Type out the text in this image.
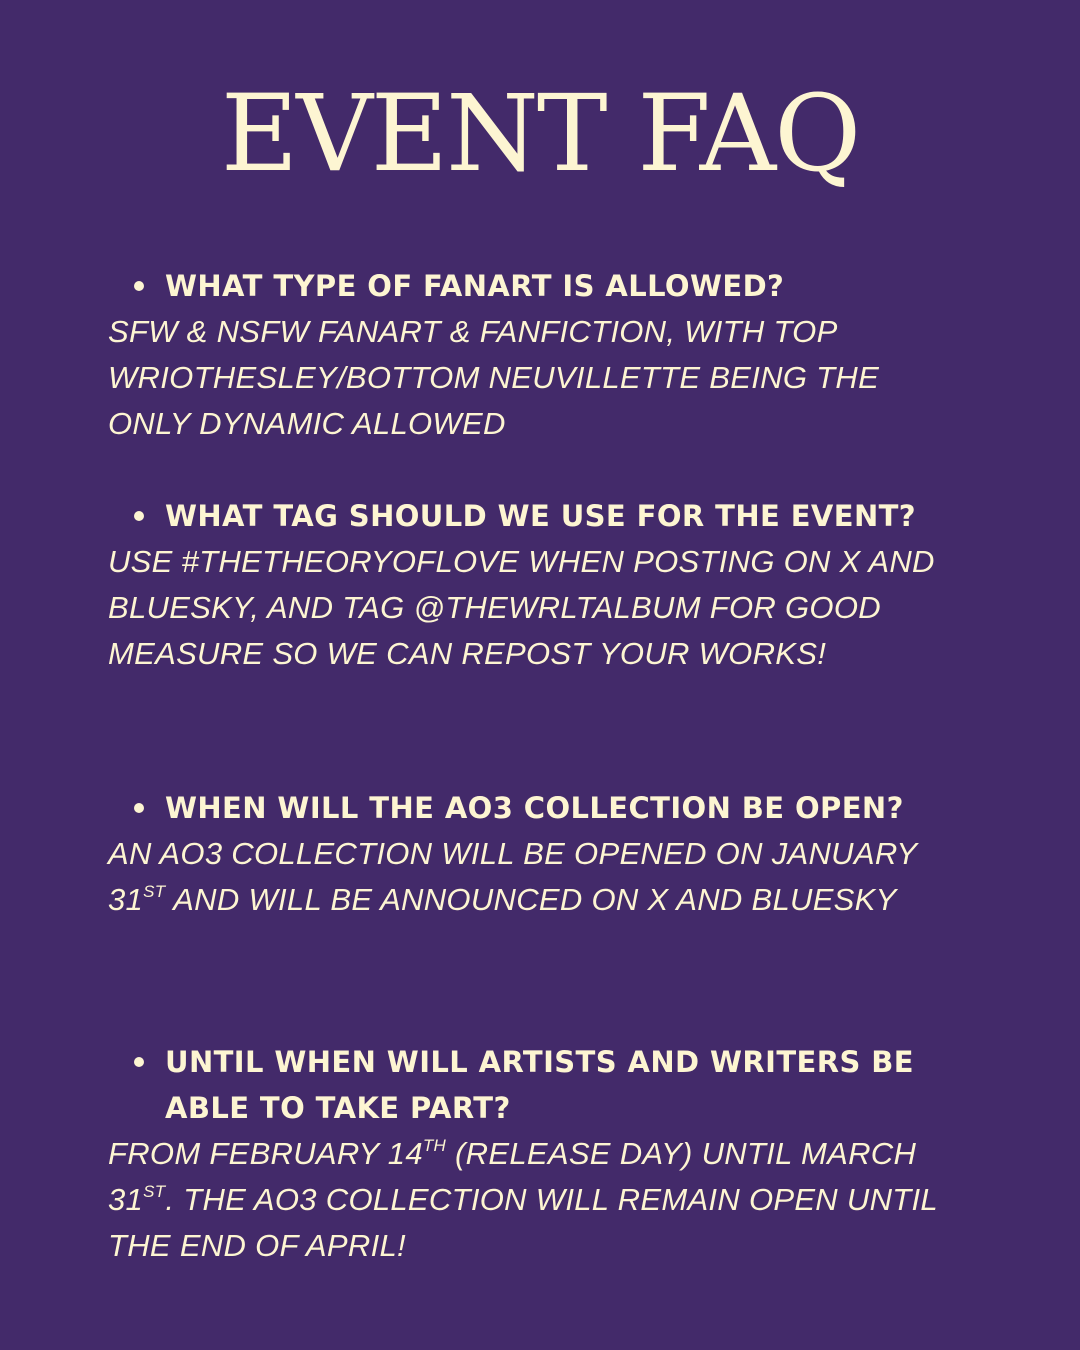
EVENT FAQ
WHAT TYPE OF FANART IS ALLOWED?

SFW & NSFW FANART & FANFICTION, WITH TOP WRIOTHESLEY/BOTTOM NEUVILLETTE BEING THE ONLY DYNAMIC ALLOWED

WHAT TAG SHOULD WE USE FOR THE EVENT?

USE #THETHEORYOFLOVE WHEN POSTING ON X AND BLUESKY, AND TAG @THEWRLTALBUM FOR GOOD MEASURE SO WE CAN REPOST YOUR WORKS!

WHEN WILL THE AO3 COLLECTION BE OPEN?

AN AO3 COLLECTION WILL BE OPENED ON JANUARY 31ST AND WILL BE ANNOUNCED ON X AND BLUESKY

UNTIL WHEN WILL ARTISTS AND WRITERS BE ABLE TO TAKE PART?

FROM FEBRUARY 14TH (RELEASE DAY) UNTIL MARCH 31ST. THE AO3 COLLECTION WILL REMAIN OPEN UNTIL THE END OF APRIL!
